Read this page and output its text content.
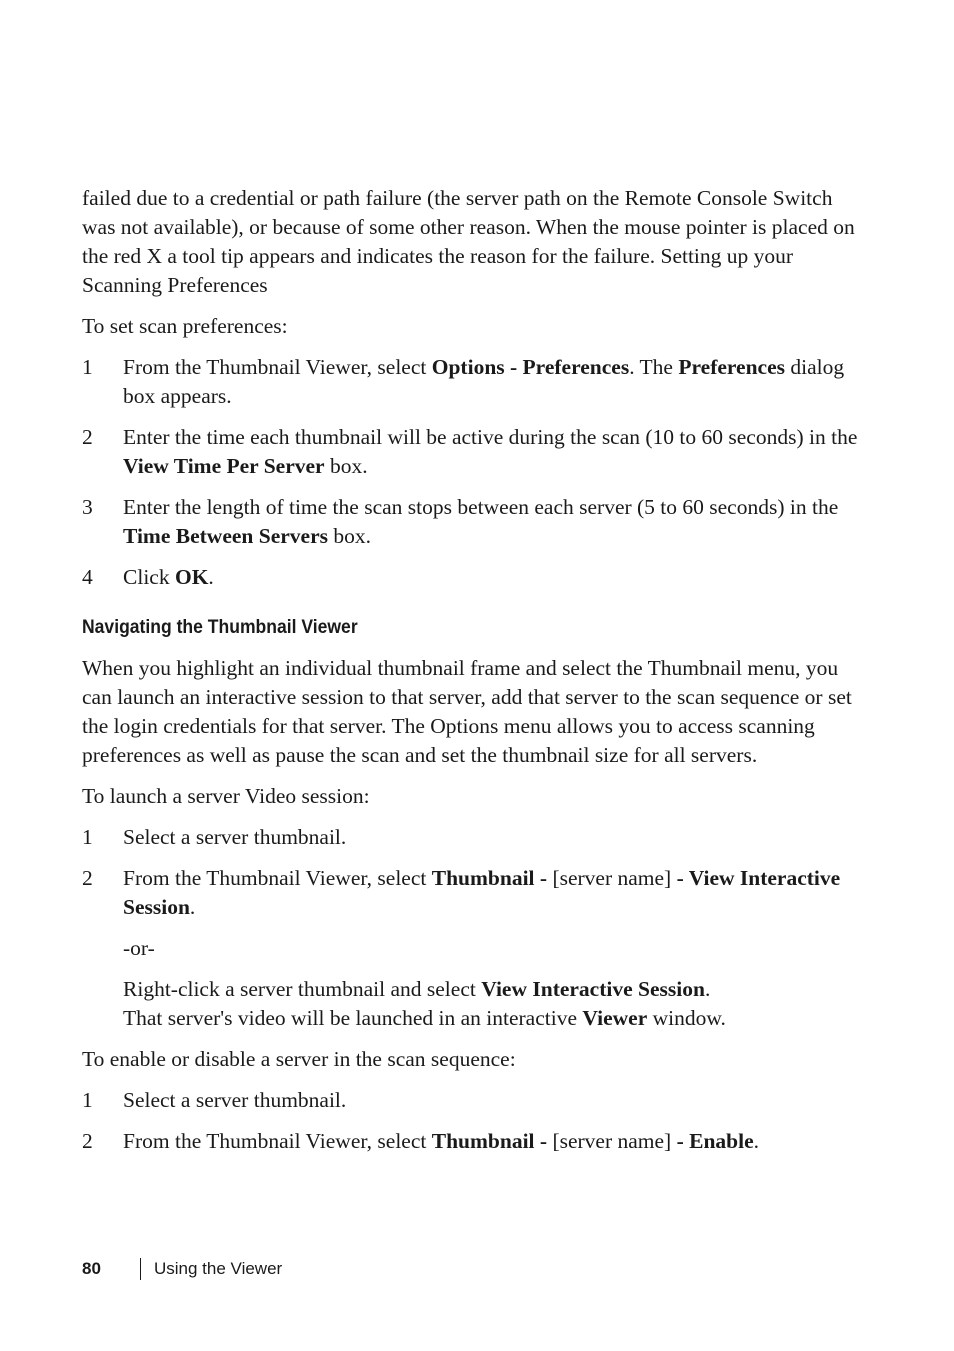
failed due to a credential or path failure (the server path on the Remote Console Switch was not available), or because of some other reason. When the mouse pointer is placed on the red X a tool tip appears and indicates the reason for the failure. Setting up your Scanning Preferences

To set scan preferences:

1 From the Thumbnail Viewer, select Options - Preferences. The Preferences dialog box appears.
2 Enter the time each thumbnail will be active during the scan (10 to 60 seconds) in the View Time Per Server box.
3 Enter the length of time the scan stops between each server (5 to 60 seconds) in the Time Between Servers box.
4 Click OK.
Navigating the Thumbnail Viewer

When you highlight an individual thumbnail frame and select the Thumbnail menu, you can launch an interactive session to that server, add that server to the scan sequence or set the login credentials for that server. The Options menu allows you to access scanning preferences as well as pause the scan and set the thumbnail size for all servers.

To launch a server Video session:

1 Select a server thumbnail.
2 From the Thumbnail Viewer, select Thumbnail - [server name] - View Interactive Session.

-or-

Right-click a server thumbnail and select View Interactive Session.
That server's video will be launched in an interactive Viewer window.

To enable or disable a server in the scan sequence:

1 Select a server thumbnail.
2 From the Thumbnail Viewer, select Thumbnail - [server name] - Enable.
80	Using the Viewer
